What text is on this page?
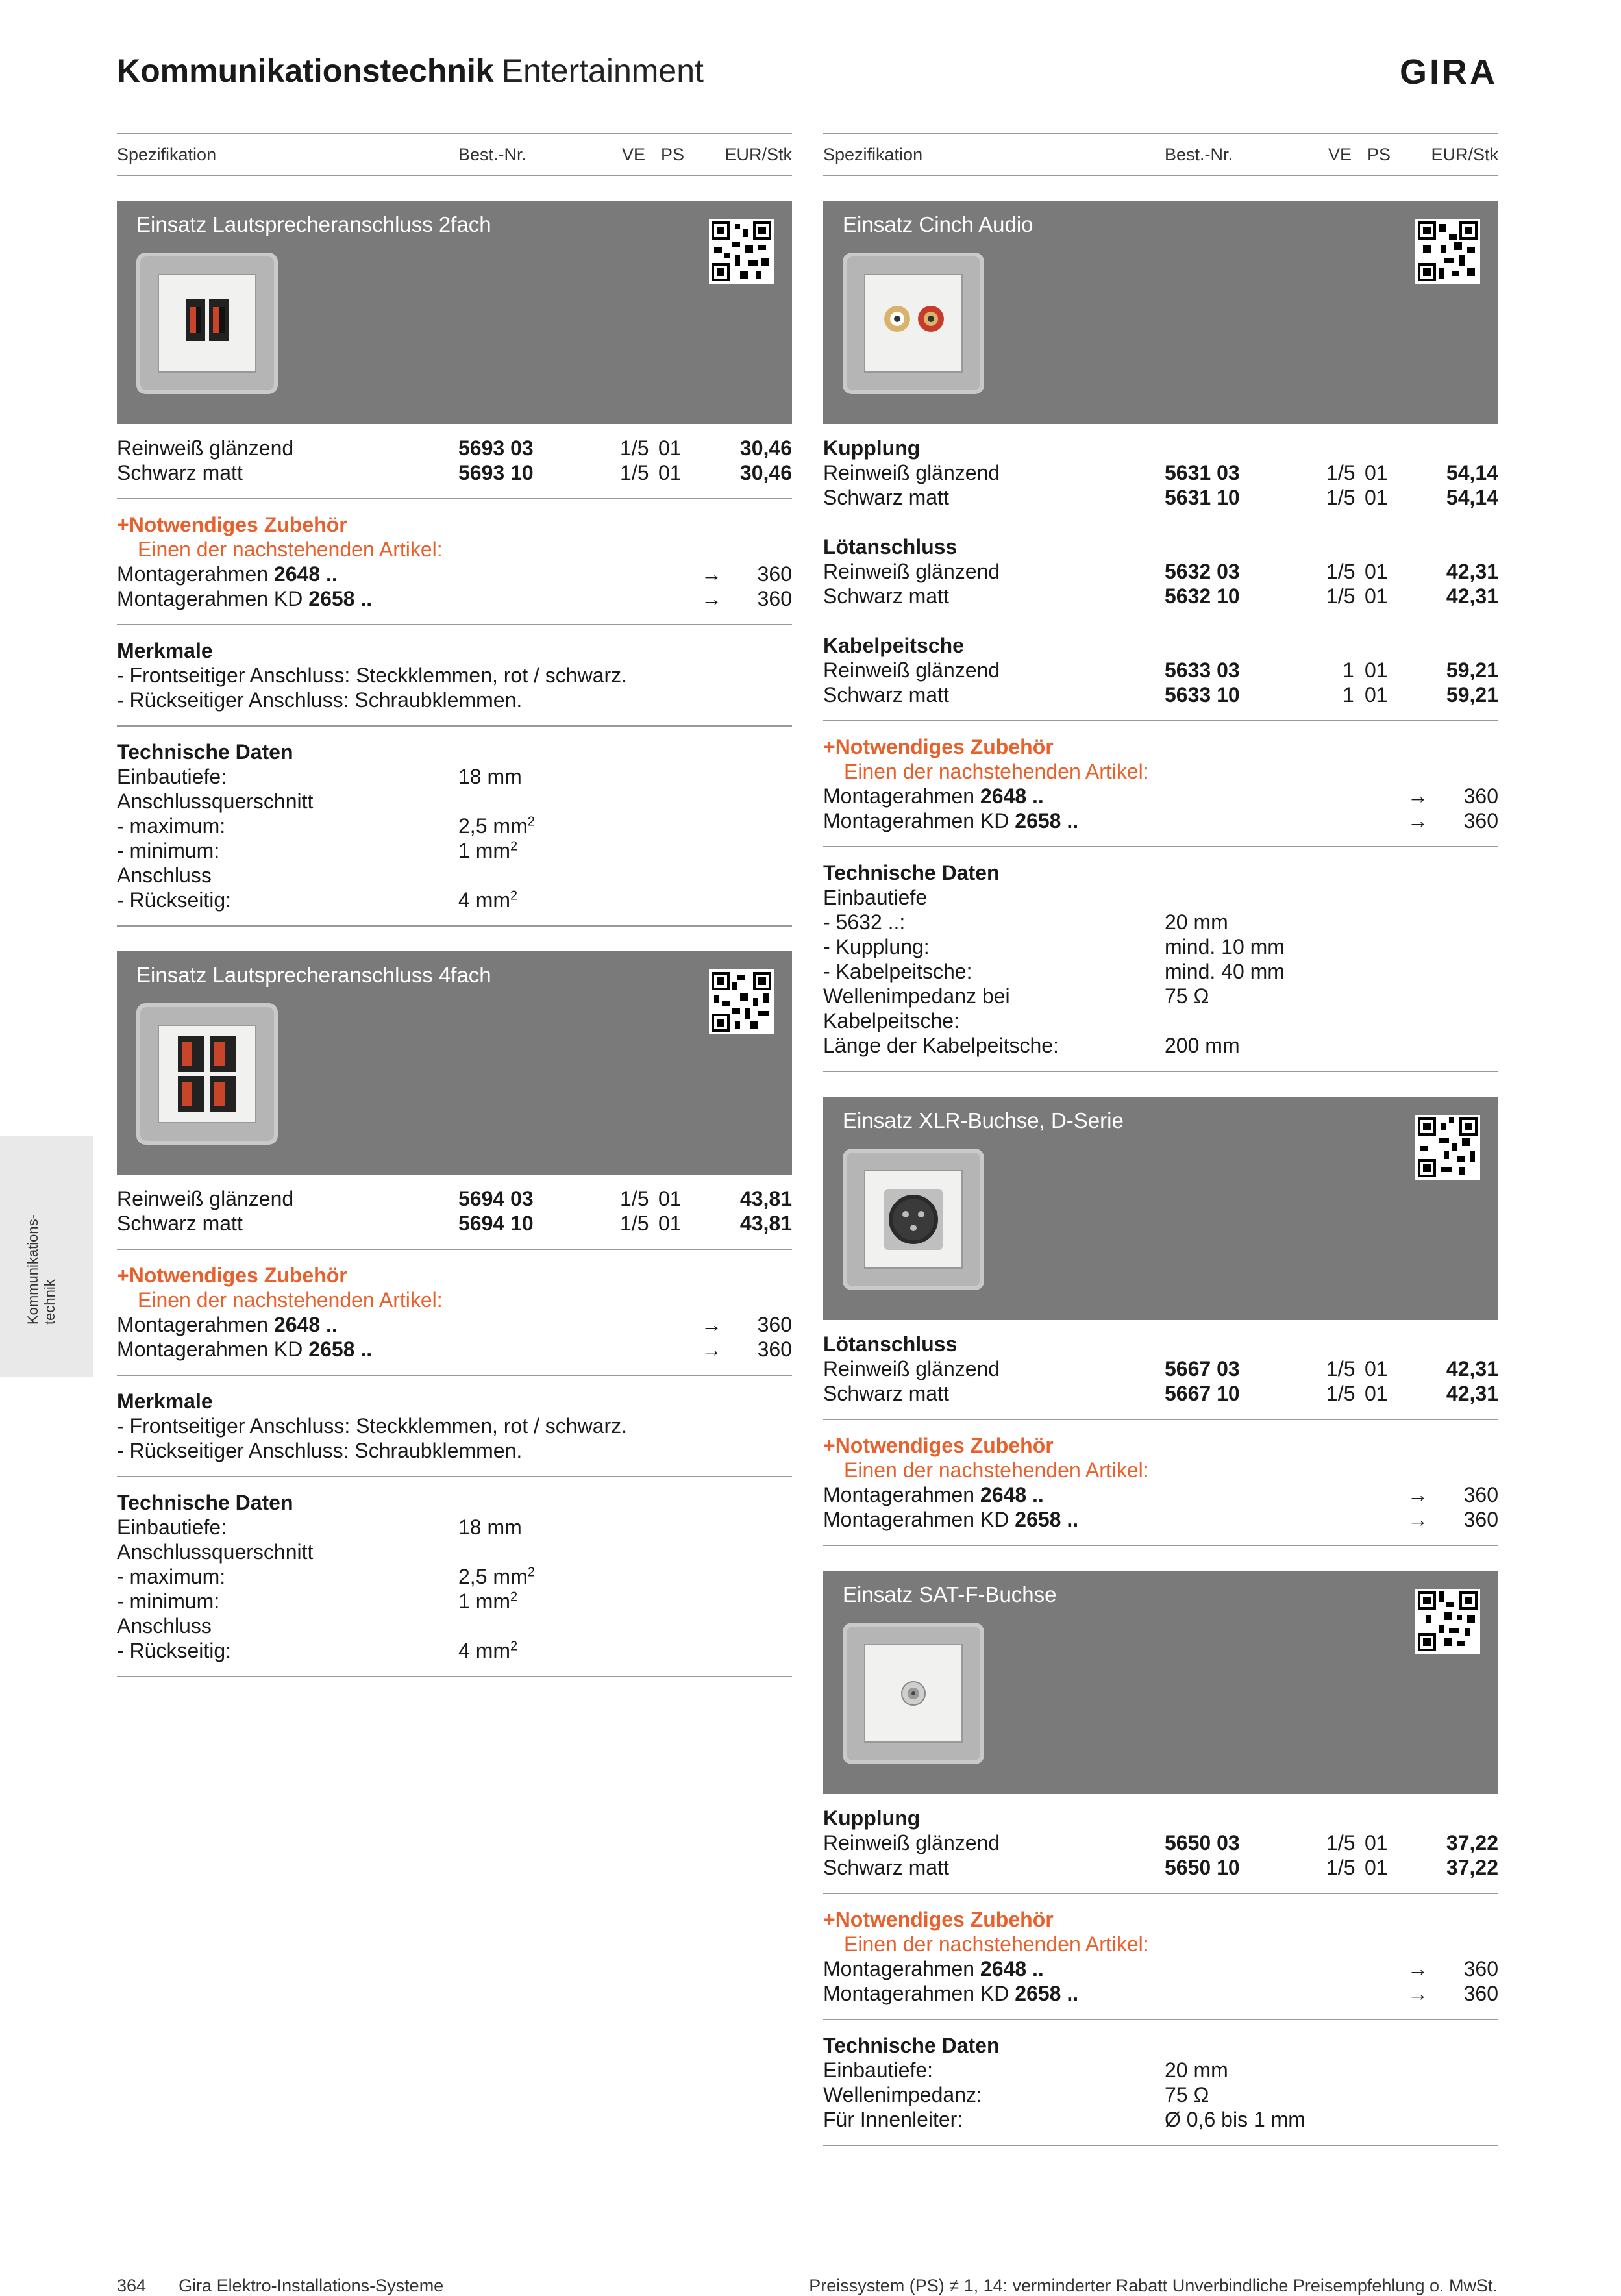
Kommunikationstechnik Entertainment	GIRA
Kommunikations- technik
Spezifikation	Best.-Nr.	VE PS EUR/Stk
Einsatz Lautsprecheranschluss 2fach
Reinweiß glänzend	5693 03	1/5 01	30,46
Schwarz matt	5693 10	1/5 01	30,46
+Notwendiges Zubehör
Einen der nachstehenden Artikel:
Montagerahmen 2648 ..	→ 360
Montagerahmen KD 2658 ..	→ 360
Merkmale
- Frontseitiger Anschluss: Steckklemmen, rot / schwarz.
- Rückseitiger Anschluss: Schraubklemmen.
Technische Daten
Einbautiefe:	18 mm
Anschlussquerschnitt
- maximum:	2,5 $mm^2$
- minimum:	1 $mm^2$
Anschluss
- Rückseitig:	4 $mm^2$
Einsatz Lautsprecheranschluss 4fach
Reinweiß glänzend	5694 03	1/5 01	43,81
Schwarz matt	5694 10	1/5 01	43,81
+Notwendiges Zubehör
Einen der nachstehenden Artikel:
Montagerahmen 2648 ..	→ 360
Montagerahmen KD 2658 ..	→ 360
Merkmale
- Frontseitiger Anschluss: Steckklemmen, rot / schwarz.
- Rückseitiger Anschluss: Schraubklemmen.
Technische Daten
Einbautiefe:	18 mm
Anschlussquerschnitt
- maximum:	2,5 $mm^2$
- minimum:	1 $mm^2$
Anschluss
- Rückseitig:	4 $mm^2$
Spezifikation	Best.-Nr.	VE PS EUR/Stk
Einsatz Cinch Audio
Kupplung
Reinweiß glänzend	5631 03	1/5 01	54,14
Schwarz matt	5631 10	1/5 01	54,14
Lötanschluss
Reinweiß glänzend	5632 03	1/5 01	42,31
Schwarz matt	5632 10	1/5 01	42,31
Kabelpeitsche
Reinweiß glänzend	5633 03	1 01	59,21
Schwarz matt	5633 10	1 01	59,21
+Notwendiges Zubehör
Einen der nachstehenden Artikel:
Montagerahmen 2648 ..	→ 360
Montagerahmen KD 2658 ..	→ 360
Technische Daten
Einbautiefe
- 5632 ..:	20 mm
- Kupplung:	mind. 10 mm
- Kabelpeitsche:	mind. 40 mm
Wellenimpedanz bei	75 Ω
Kabelpeitsche:
Länge der Kabelpeitsche:	200 mm
Einsatz XLR-Buchse, D-Serie
Lötanschluss
Reinweiß glänzend	5667 03	1/5 01	42,31
Schwarz matt	5667 10	1/5 01	42,31
+Notwendiges Zubehör
Einen der nachstehenden Artikel:
Montagerahmen 2648 ..	→ 360
Montagerahmen KD 2658 ..	→ 360
Einsatz SAT-F-Buchse
Kupplung
Reinweiß glänzend	5650 03	1/5 01	37,22
Schwarz matt	5650 10	1/5 01	37,22
+Notwendiges Zubehör
Einen der nachstehenden Artikel:
Montagerahmen 2648 ..	→ 360
Montagerahmen KD 2658 ..	→ 360
Technische Daten
Einbautiefe:	20 mm
Wellenimpedanz:	75 Ω
Für Innenleiter:	Ø 0,6 bis 1 mm
364 Gira Elektro-Installations-Systeme	Preissystem (PS) ≠ 1, 14: verminderter Rabatt Unverbindliche Preisempfehlung o. MwSt.
